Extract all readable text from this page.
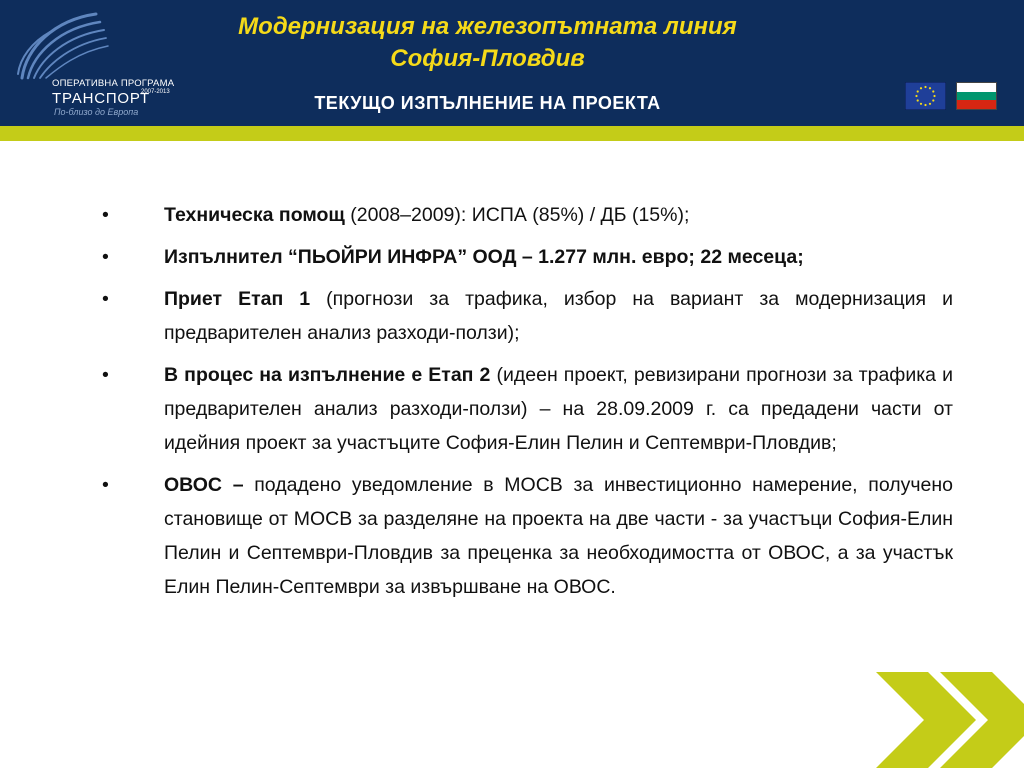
ОПЕРАТИВНА ПРОГРАМА
ТРАНСПОРТ
2007-2013
По-близо до Европа
Модернизация на железопътната линия
София-Пловдив
ТЕКУЩО ИЗПЪЛНЕНИЕ НА ПРОЕКТА
•	Техническа помощ (2008–2009): ИСПА (85%) / ДБ (15%);
•	Изпълнител “ПЬОЙРИ ИНФРА” ООД – 1.277 млн. евро; 22 месеца;
•	Приет Етап 1 (прогнози за трафика, избор на вариант за модернизация и предварителен анализ разходи-ползи);
•	В процес на изпълнение е Етап 2 (идеен проект, ревизирани прогнози за трафика и предварителен анализ разходи-ползи) – на 28.09.2009 г. са предадени части от идейния проект за участъците София-Елин Пелин и Септември-Пловдив;
•	ОВОС – подадено уведомление в МОСВ за инвестиционно намерение, получено становище от МОСВ за разделяне на проекта на две части - за участъци София-Елин Пелин и Септември-Пловдив за преценка за необходимостта от ОВОС, а за участък Елин Пелин-Септември за извършване на ОВОС.
